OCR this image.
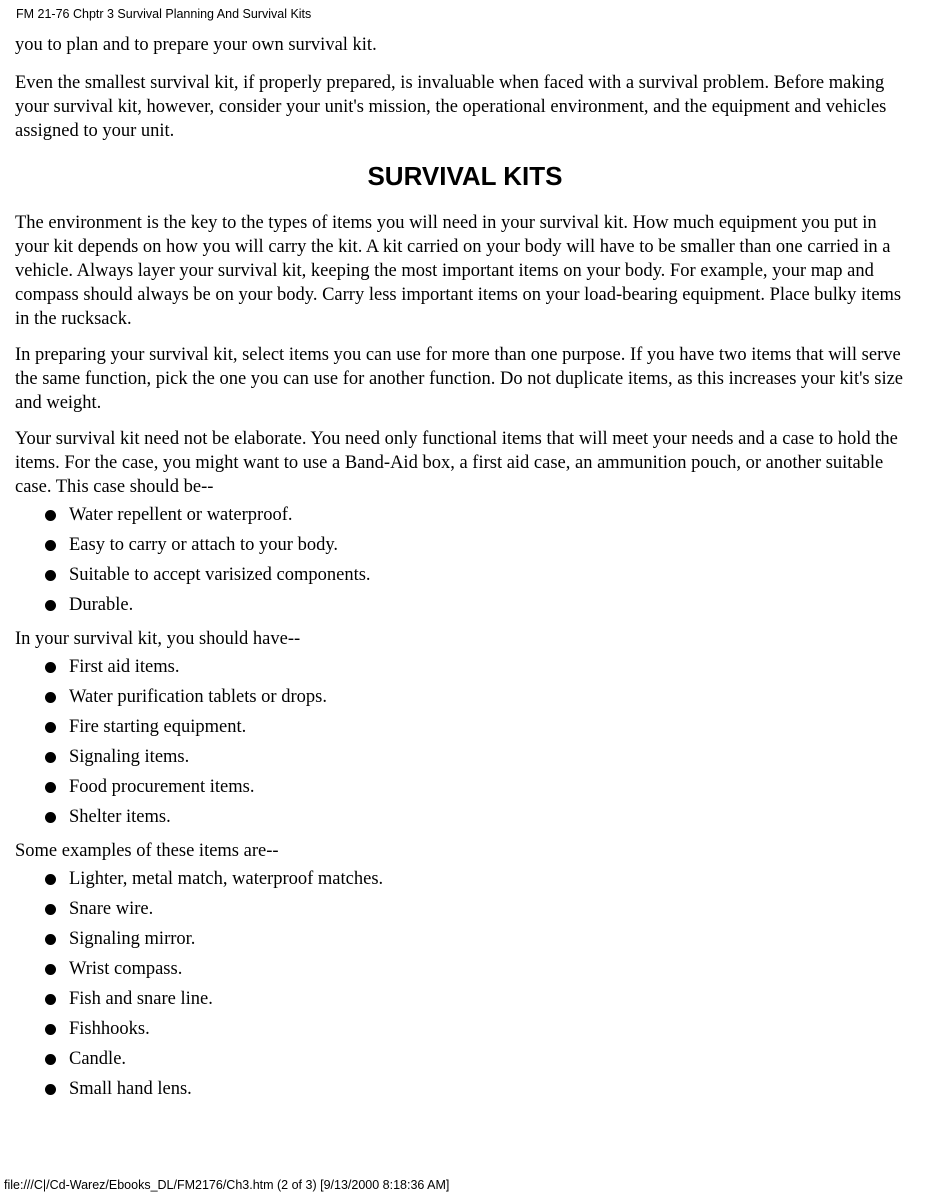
FM 21-76 Chptr 3 Survival Planning And Survival Kits

you to plan and to prepare your own survival kit.

Even the smallest survival kit, if properly prepared, is invaluable when faced with a survival problem. Before making your survival kit, however, consider your unit's mission, the operational environment, and the equipment and vehicles assigned to your unit.

SURVIVAL KITS

The environment is the key to the types of items you will need in your survival kit. How much equipment you put in your kit depends on how you will carry the kit. A kit carried on your body will have to be smaller than one carried in a vehicle. Always layer your survival kit, keeping the most important items on your body. For example, your map and compass should always be on your body. Carry less important items on your load-bearing equipment. Place bulky items in the rucksack.

In preparing your survival kit, select items you can use for more than one purpose. If you have two items that will serve the same function, pick the one you can use for another function. Do not duplicate items, as this increases your kit's size and weight.

Your survival kit need not be elaborate. You need only functional items that will meet your needs and a case to hold the items. For the case, you might want to use a Band-Aid box, a first aid case, an ammunition pouch, or another suitable case. This case should be--

Water repellent or waterproof.
Easy to carry or attach to your body.
Suitable to accept varisized components.
Durable.

In your survival kit, you should have--

First aid items.
Water purification tablets or drops.
Fire starting equipment.
Signaling items.
Food procurement items.
Shelter items.

Some examples of these items are--

Lighter, metal match, waterproof matches.
Snare wire.
Signaling mirror.
Wrist compass.
Fish and snare line.
Fishhooks.
Candle.
Small hand lens.
file:///C|/Cd-Warez/Ebooks_DL/FM2176/Ch3.htm (2 of 3) [9/13/2000 8:18:36 AM]
